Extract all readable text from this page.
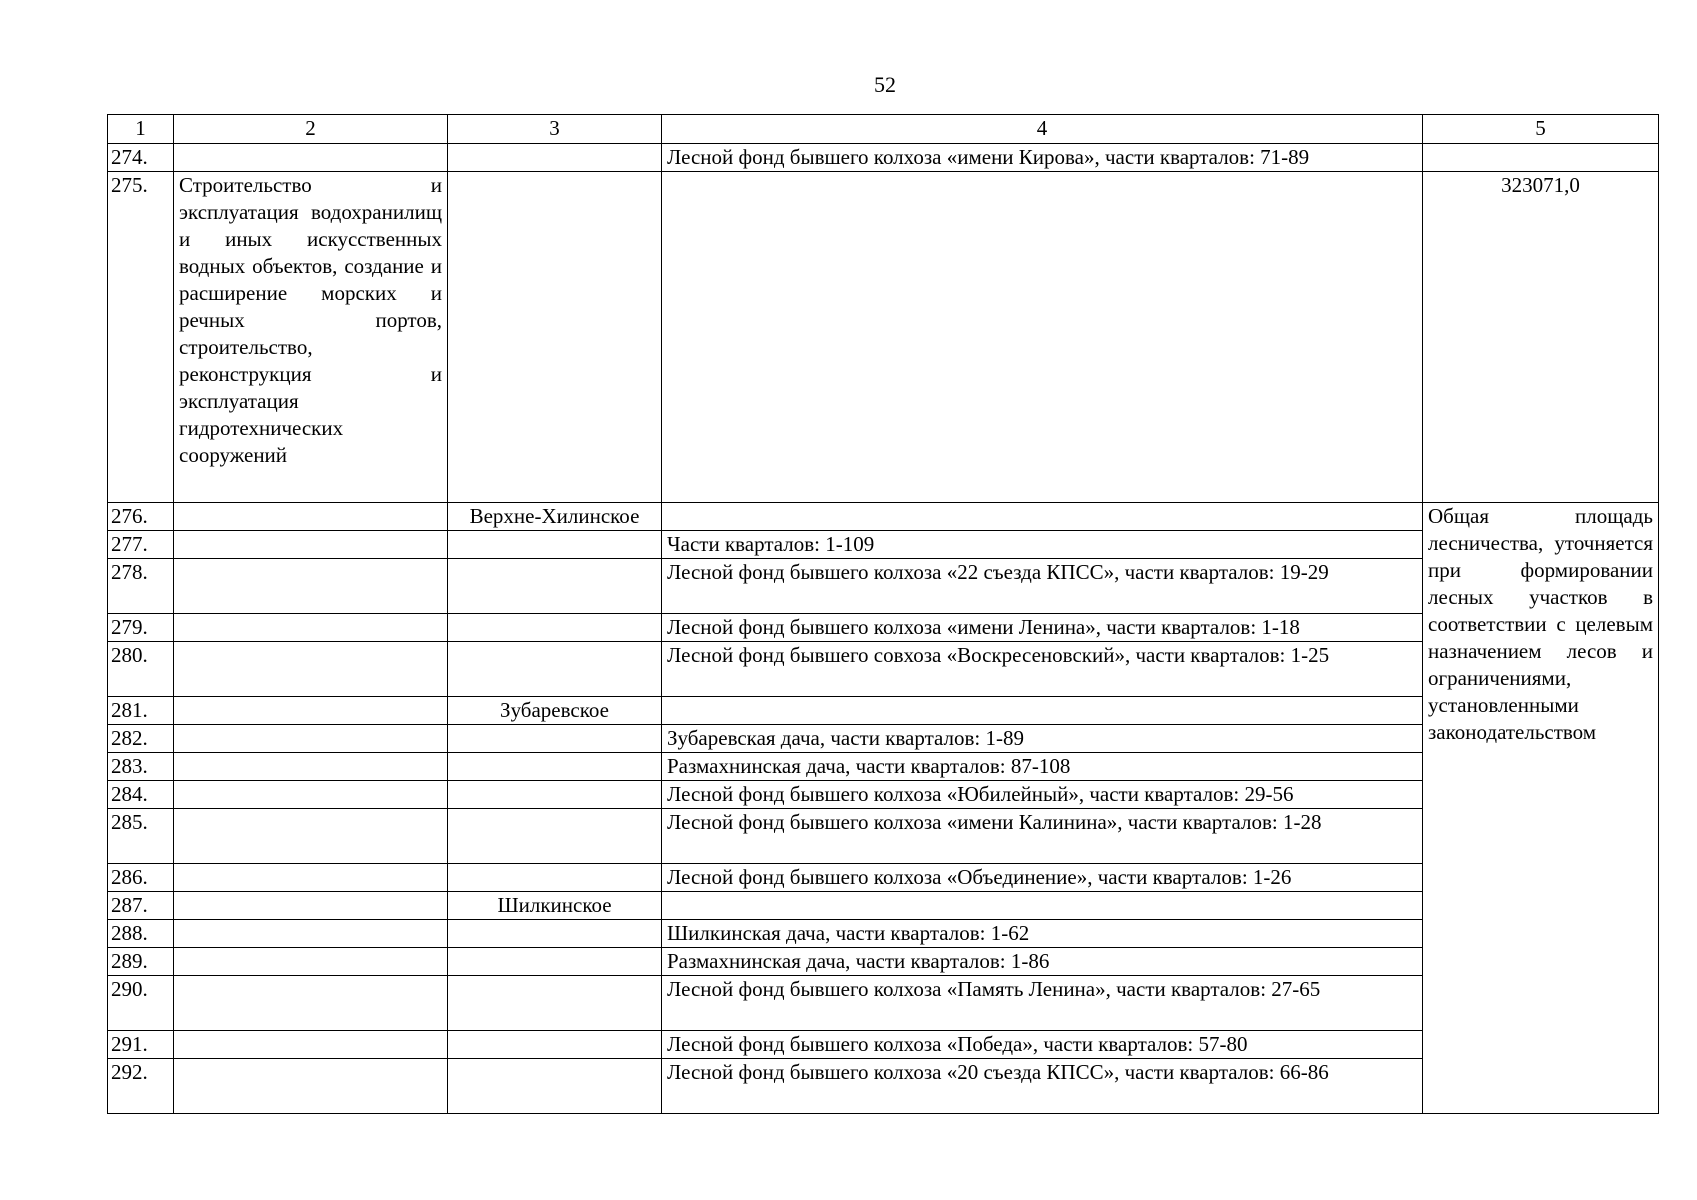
52
1	2	3	4	5
274.			Лесной фонд бывшего колхоза «имени Кирова», части кварталов: 71-89	
275.	Строительство и эксплуатация водохранилищ и иных искусственных водных объектов, создание и расширение морских и речных портов, строительство, реконструкция и эксплуатация гидротехнических сооружений			323071,0
276.		Верхне-Хилинское		Общая площадь лесничества, уточняется при формировании лесных участков в соответствии с целевым назначением лесов и ограничениями, установленными законодательством
277.			Части кварталов: 1-109	
278.			Лесной фонд бывшего колхоза «22 съезда КПСС», части кварталов: 19-29	
279.			Лесной фонд бывшего колхоза «имени Ленина», части кварталов: 1-18	
280.			Лесной фонд бывшего совхоза «Воскресеновский», части кварталов: 1-25	
281.		Зубаревское		
282.			Зубаревская дача, части кварталов: 1-89	
283.			Размахнинская дача, части кварталов: 87-108	
284.			Лесной фонд бывшего колхоза «Юбилейный», части кварталов: 29-56	
285.			Лесной фонд бывшего колхоза «имени Калинина», части кварталов: 1-28	
286.			Лесной фонд бывшего колхоза «Объединение», части кварталов: 1-26	
287.		Шилкинское		
288.			Шилкинская дача, части кварталов: 1-62	
289.			Размахнинская дача, части кварталов: 1-86	
290.			Лесной фонд бывшего колхоза «Память Ленина», части кварталов: 27-65	
291.			Лесной фонд бывшего колхоза «Победа», части кварталов: 57-80	
292.			Лесной фонд бывшего колхоза «20 съезда КПСС», части кварталов: 66-86	
